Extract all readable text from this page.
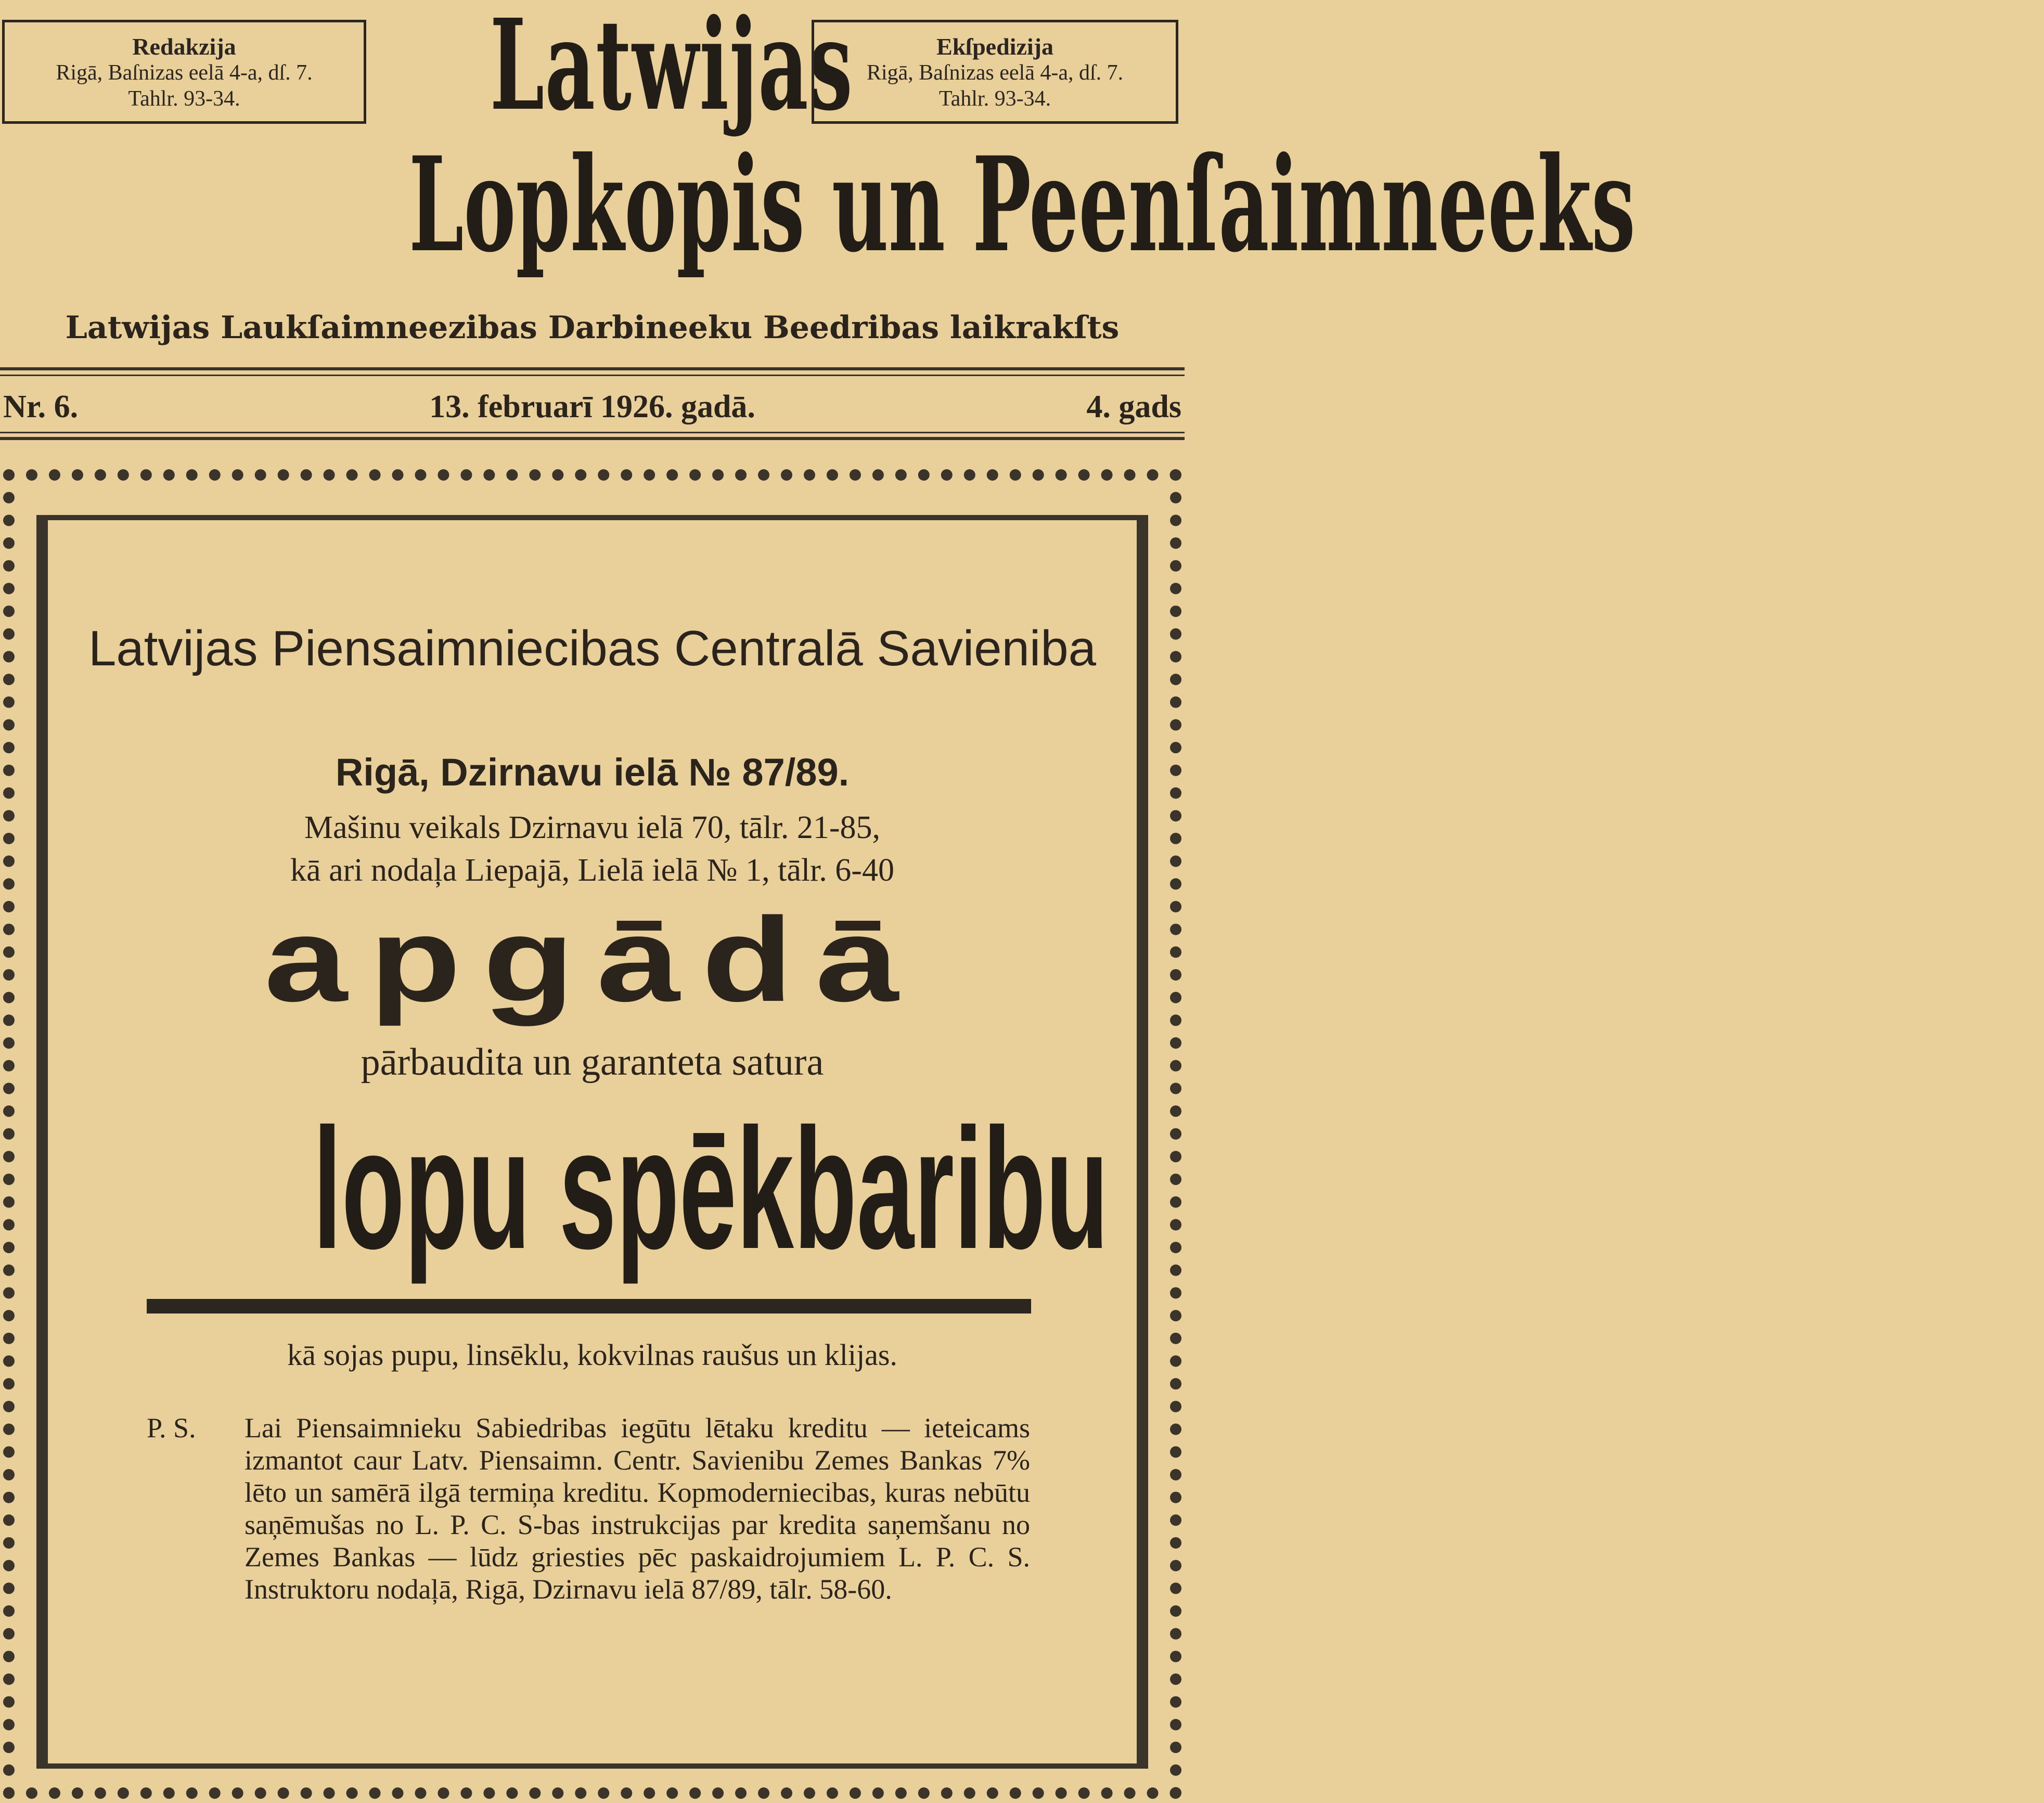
Redakzija
Rigā, Baſnizas eelā 4-a, dſ. 7.
Tahlr. 93-34.	Latwijas	Ekſpedizija
Rigā, Baſnizas eelā 4-a, dſ. 7.
Tahlr. 93-34.
Lopkopis un Peenſaimneeks
Latwijas Laukſaimneezibas Darbineeku Beedribas laikrakſts
Nr. 6.	13. februarī 1926. gadā.	4. gads
Latvijas Piensaimniecibas Centralā Savieniba
Rigā, Dzirnavu ielā № 87/89.
Mašinu veikals Dzirnavu ielā 70, tālr. 21-85,
kā ari nodaļa Liepajā, Lielā ielā № 1, tālr. 6-40
apgādā
pārbaudita un garanteta satura
lopu spēkbaribu
kā sojas pupu, linsēklu, kokvilnas raušus un klijas.
P. S. Lai Piensaimnieku Sabiedribas iegūtu lētaku kreditu — ieteicams izmantot caur Latv. Piensaimn. Centr. Savienibu Zemes Bankas 7% lēto un samērā ilgā termiņa kreditu. Kopmoderniecibas, kuras nebūtu saņēmušas no L. P. C. S-bas instrukcijas par kredita saņemšanu no Zemes Bankas — lūdz griesties pēc paskaidrojumiem L. P. C. S. Instruktoru nodaļā, Rigā, Dzirnavu ielā 87/89, tālr. 58-60.
